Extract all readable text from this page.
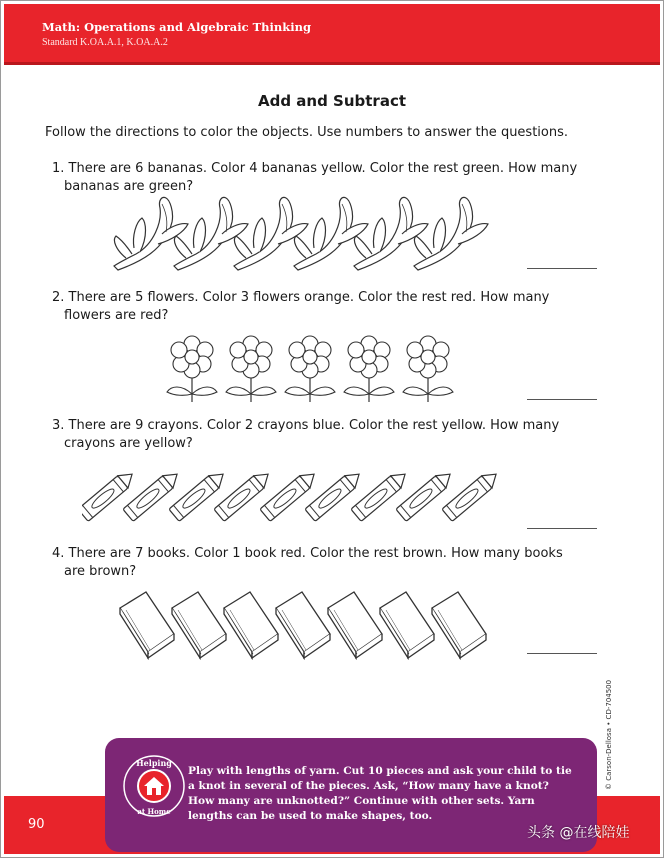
Math: Operations and Algebraic Thinking
Standard K.OA.A.1, K.OA.A.2
Add and Subtract
Follow the directions to color the objects. Use numbers to answer the questions.
1. There are 6 bananas. Color 4 bananas yellow. Color the rest green. How many
bananas are green?
2. There are 5 flowers. Color 3 flowers orange. Color the rest red. How many
flowers are red?
3. There are 9 crayons. Color 2 crayons blue. Color the rest yellow. How many
crayons are yellow?
4. There are 7 books. Color 1 book red. Color the rest brown. How many books
are brown?
90
Helping
at Home
Play with lengths of yarn. Cut 10 pieces and ask your child to tie a knot in several of the pieces. Ask, “How many have a knot? How many are unknotted?” Continue with other sets. Yarn lengths can be used to make shapes, too.
© Carson-Dellosa • CD-704500
头条 @在线陪娃
